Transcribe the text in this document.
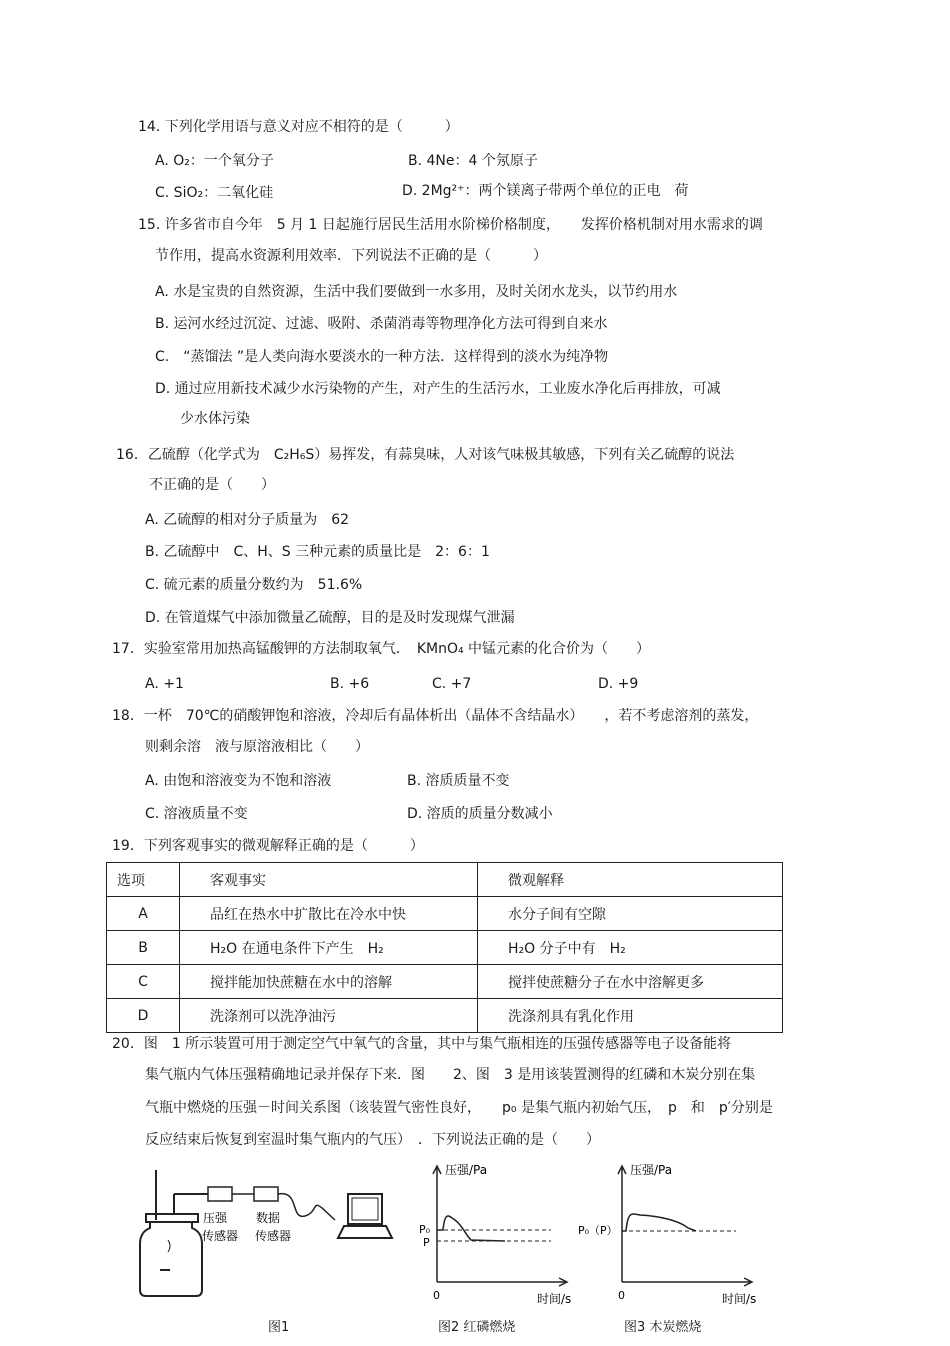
14. 下列化学用语与意义对应不相符的是（　　　）
A. O₂：一个氧分子	B. 4Ne：4 个氖原子
C. SiO₂：二氧化硅	D. 2Mg²⁺：两个镁离子带两个单位的正电　荷
15. 许多省市自今年　5 月 1 日起施行居民生活用水阶梯价格制度，　　发挥价格机制对用水需求的调
节作用，提高水资源利用效率．下列说法不正确的是（　　　）
A. 水是宝贵的自然资源，生活中我们要做到一水多用，及时关闭水龙头，以节约用水
B. 运河水经过沉淀、过滤、吸附、杀菌消毒等物理净化方法可得到自来水
C.　“蒸馏法 ”是人类向海水要淡水的一种方法．这样得到的淡水为纯净物
D. 通过应用新技术减少水污染物的产生，对产生的生活污水，工业废水净化后再排放，可减
少水体污染
16．乙硫醇（化学式为　C₂H₆S）易挥发，有蒜臭味，人对该气味极其敏感，下列有关乙硫醇的说法
不正确的是（　　）
A. 乙硫醇的相对分子质量为　62
B. 乙硫醇中　C、H、S 三种元素的质量比是　2：6：1
C. 硫元素的质量分数约为　51.6%
D. 在管道煤气中添加微量乙硫醇，目的是及时发现煤气泄漏
17．实验室常用加热高锰酸钾的方法制取氧气．　KMnO₄ 中锰元素的化合价为（　　）
A. +1	B. +6	C. +7	D. +9
18．一杯　70℃的硝酸钾饱和溶液，冷却后有晶体析出（晶体不含结晶水）　　，若不考虑溶剂的蒸发，
则剩余溶　液与原溶液相比（　　）
A. 由饱和溶液变为不饱和溶液	B. 溶质质量不变
C. 溶液质量不变	D. 溶质的质量分数减小
19．下列客观事实的微观解释正确的是（　　　）
选项	客观事实	微观解释
A	品红在热水中扩散比在冷水中快	水分子间有空隙
B	H₂O 在通电条件下产生　H₂	H₂O 分子中有　H₂
C	搅拌能加快蔗糖在水中的溶解	搅拌使蔗糖分子在水中溶解更多
D	洗涤剂可以洗净油污	洗涤剂具有乳化作用
20．图　1 所示装置可用于测定空气中氧气的含量，其中与集气瓶相连的压强传感器等电子设备能将
集气瓶内气体压强精确地记录并保存下来．图　　2、图　3 是用该装置测得的红磷和木炭分别在集
气瓶中燃烧的压强－时间关系图（该装置气密性良好，　　p₀ 是集气瓶内初始气压，　p　和　p′分别是
反应结束后恢复到室温时集气瓶内的气压）　．下列说法正确的是（　　）
压强
传感器
数据
传感器
图1
压强/Pa
P₀
P
0	时间/s
图2 红磷燃烧
压强/Pa
P₀（P）
0	时间/s
图3 木炭燃烧
